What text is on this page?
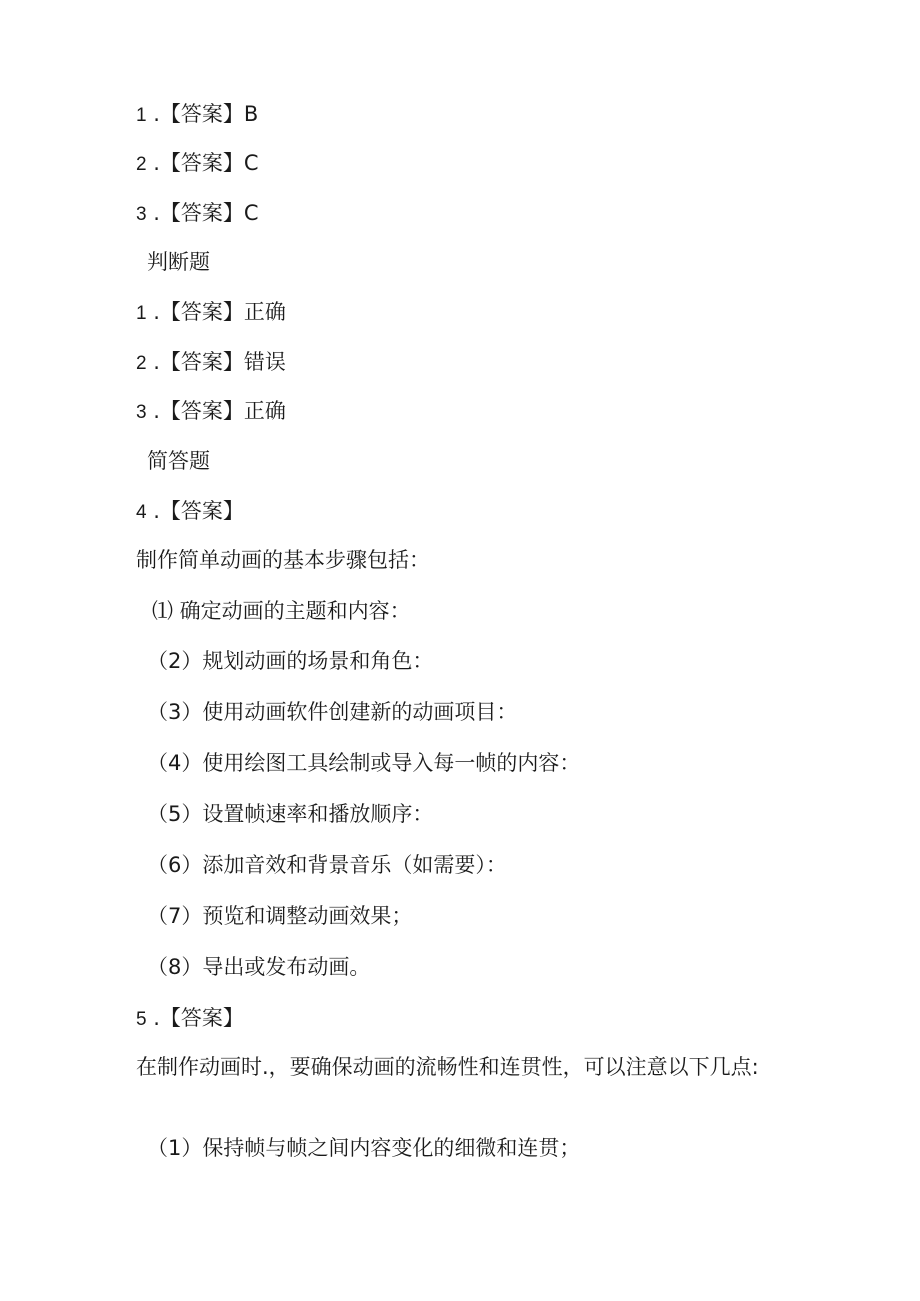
1 .【答案】B
2 .【答案】C
3 .【答案】C
判断题
1 .【答案】正确
2 .【答案】错误
3 .【答案】正确
简答题
4 .【答案】
制作简单动画的基本步骤包括：
⑴ 确定动画的主题和内容：
（2）规划动画的场景和角色：
（3）使用动画软件创建新的动画项目：
（4）使用绘图工具绘制或导入每一帧的内容：
（5）设置帧速率和播放顺序：
（6）添加音效和背景音乐（如需要）：
（7）预览和调整动画效果；
（8）导出或发布动画。
5 .【答案】
在制作动画时.，要确保动画的流畅性和连贯性，可以注意以下几点:
（1）保持帧与帧之间内容变化的细微和连贯；
